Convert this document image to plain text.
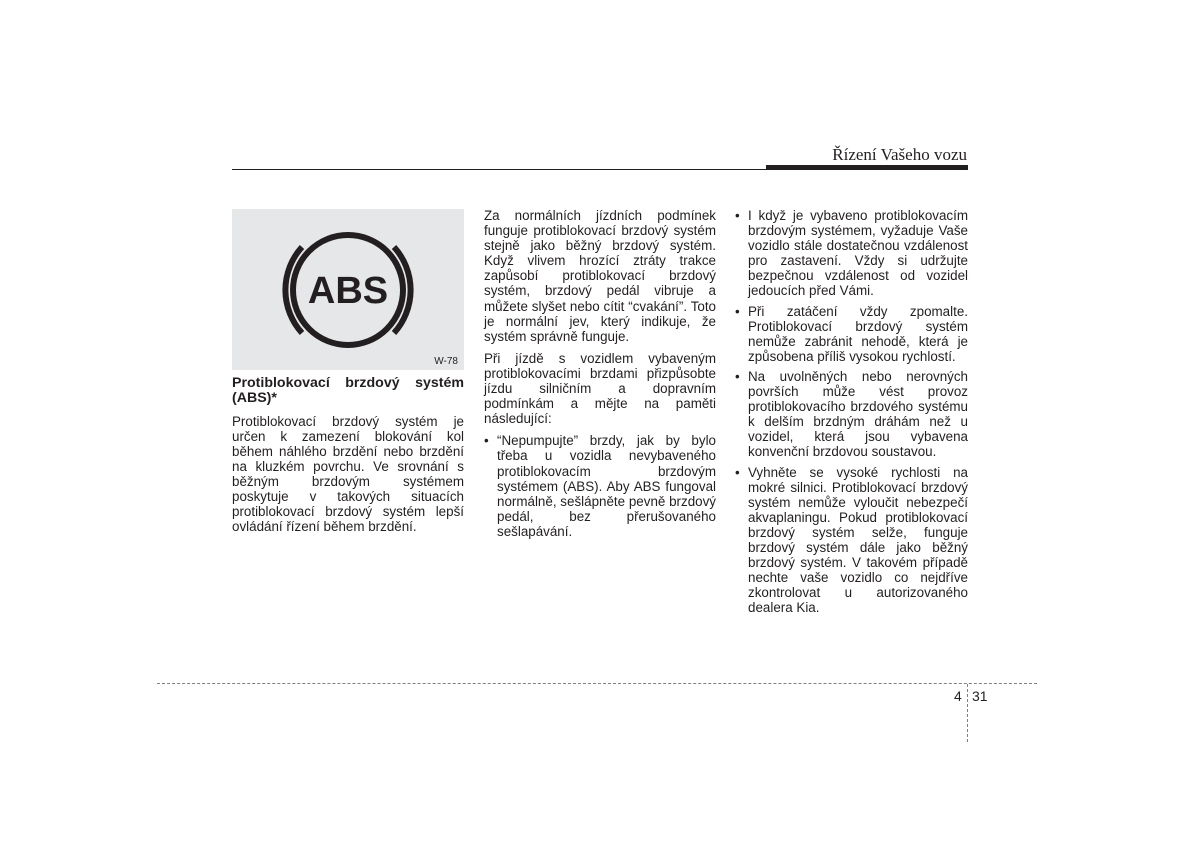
Řízení Vašeho vozu
ABS
W-78

Protiblokovací brzdový systém (ABS)*

Protiblokovací brzdový systém je určen k zamezení blokování kol během náhlého brzdění nebo brzdění na kluzkém povrchu. Ve srovnání s běžným brzdovým systémem poskytuje v takových situacích protiblokovací brzdový systém lepší ovládání řízení během brzdění.

Za normálních jízdních podmínek funguje protiblokovací brzdový systém stejně jako běžný brzdový systém. Když vlivem hrozící ztráty trakce zapůsobí protiblokovací brzdový systém, brzdový pedál vibruje a můžete slyšet nebo cítit “cvakání”. Toto je normální jev, který indikuje, že systém správně funguje.

Při jízdě s vozidlem vybaveným protiblokovacími brzdami přizpůsobte jízdu silničním a dopravním podmínkám a mějte na paměti následující:

• “Nepumpujte” brzdy, jak by bylo třeba u vozidla nevybaveného protiblokovacím brzdovým systémem (ABS). Aby ABS fungoval normálně, sešlápněte pevně brzdový pedál, bez přerušovaného sešlapávání.
• I když je vybaveno protiblokovacím brzdovým systémem, vyžaduje Vaše vozidlo stále dostatečnou vzdálenost pro zastavení. Vždy si udržujte bezpečnou vzdálenost od vozidel jedoucích před Vámi.
• Při zatáčení vždy zpomalte. Protiblokovací brzdový systém nemůže zabránit nehodě, která je způsobena příliš vysokou rychlostí.
• Na uvolněných nebo nerovných površích může vést provoz protiblokovacího brzdového systému k delším brzdným dráhám než u vozidel, která jsou vybavena konvenční brzdovou soustavou.
• Vyhněte se vysoké rychlosti na mokré silnici. Protiblokovací brzdový systém nemůže vyloučit nebezpečí akvaplaningu. Pokud protiblokovací brzdový systém selže, funguje brzdový systém dále jako běžný brzdový systém. V takovém případě nechte vaše vozidlo co nejdříve zkontrolovat u autorizovaného dealera Kia.
4 31
